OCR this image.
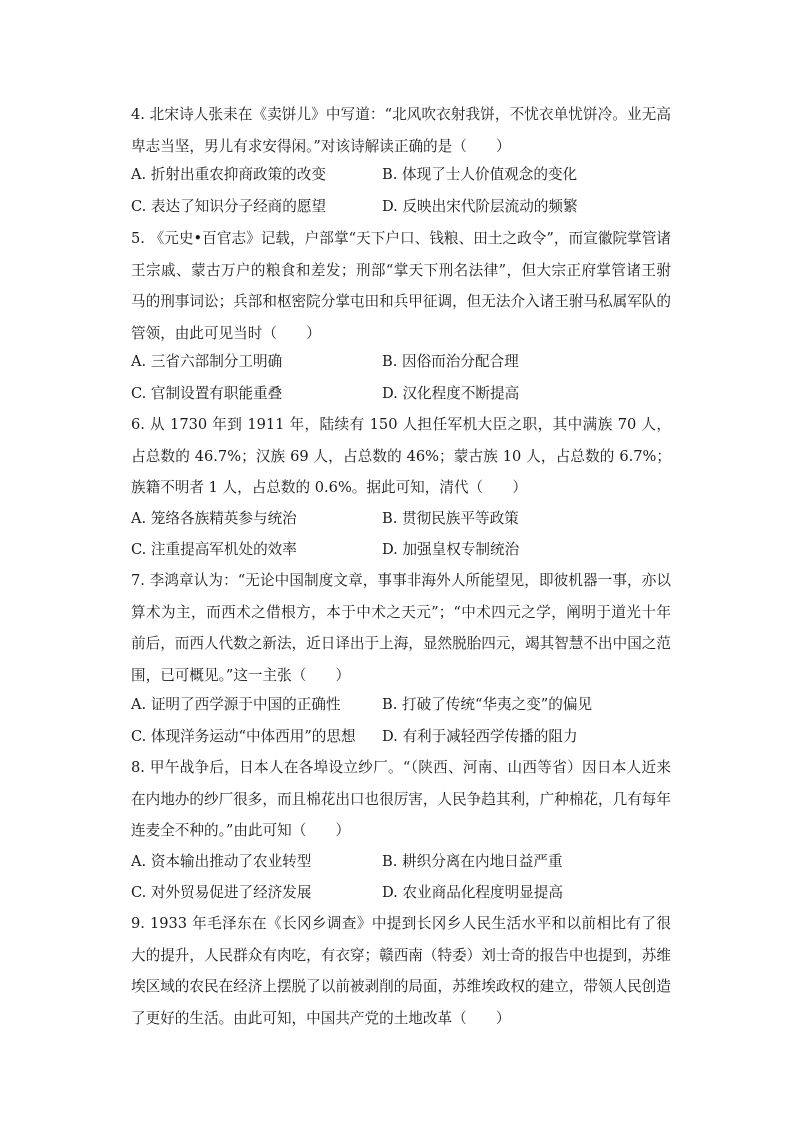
4. 北宋诗人张耒在《卖饼儿》中写道：“北风吹衣射我饼，不忧衣单忧饼冷。业无高卑志当坚，男儿有求安得闲。”对该诗解读正确的是（　　）

A. 折射出重农抑商政策的改变	B. 体现了士人价值观念的变化
C. 表达了知识分子经商的愿望	D. 反映出宋代阶层流动的频繁

5. 《元史•百官志》记载，户部掌“天下户口、钱粮、田土之政令”，而宣徽院掌管诸王宗戚、蒙古万户的粮食和差发；刑部“掌天下刑名法律”，但大宗正府掌管诸王驸马的刑事词讼；兵部和枢密院分掌屯田和兵甲征调，但无法介入诸王驸马私属军队的管领，由此可见当时（　　）

A. 三省六部制分工明确	B. 因俗而治分配合理
C. 官制设置有职能重叠	D. 汉化程度不断提高

6. 从 1730 年到 1911 年，陆续有 150 人担任军机大臣之职，其中满族 70 人，占总数的 46.7%；汉族 69 人，占总数的 46%；蒙古族 10 人，占总数的 6.7%；族籍不明者 1 人，占总数的 0.6%。据此可知，清代（　　）

A. 笼络各族精英参与统治	B. 贯彻民族平等政策
C. 注重提高军机处的效率	D. 加强皇权专制统治

7. 李鸿章认为：“无论中国制度文章，事事非海外人所能望见，即彼机器一事，亦以算术为主，而西术之借根方，本于中术之天元”；“中术四元之学，阐明于道光十年前后，而西人代数之新法，近日译出于上海，显然脱胎四元，竭其智慧不出中国之范围，已可概见。”这一主张（　　）

A. 证明了西学源于中国的正确性	B. 打破了传统“华夷之变”的偏见
C. 体现洋务运动“中体西用”的思想 D. 有利于减轻西学传播的阻力

8. 甲午战争后，日本人在各埠设立纱厂。“（陕西、河南、山西等省）因日本人近来在内地办的纱厂很多，而且棉花出口也很厉害，人民争趋其利，广种棉花，几有每年连麦全不种的。”由此可知（　　）

A. 资本输出推动了农业转型	B. 耕织分离在内地日益严重
C. 对外贸易促进了经济发展	D. 农业商品化程度明显提高

9. 1933 年毛泽东在《长冈乡调查》中提到长冈乡人民生活水平和以前相比有了很大的提升，人民群众有肉吃，有衣穿；赣西南（特委）刘士奇的报告中也提到，苏维埃区域的农民在经济上摆脱了以前被剥削的局面，苏维埃政权的建立，带领人民创造了更好的生活。由此可知，中国共产党的土地改革（　　）
